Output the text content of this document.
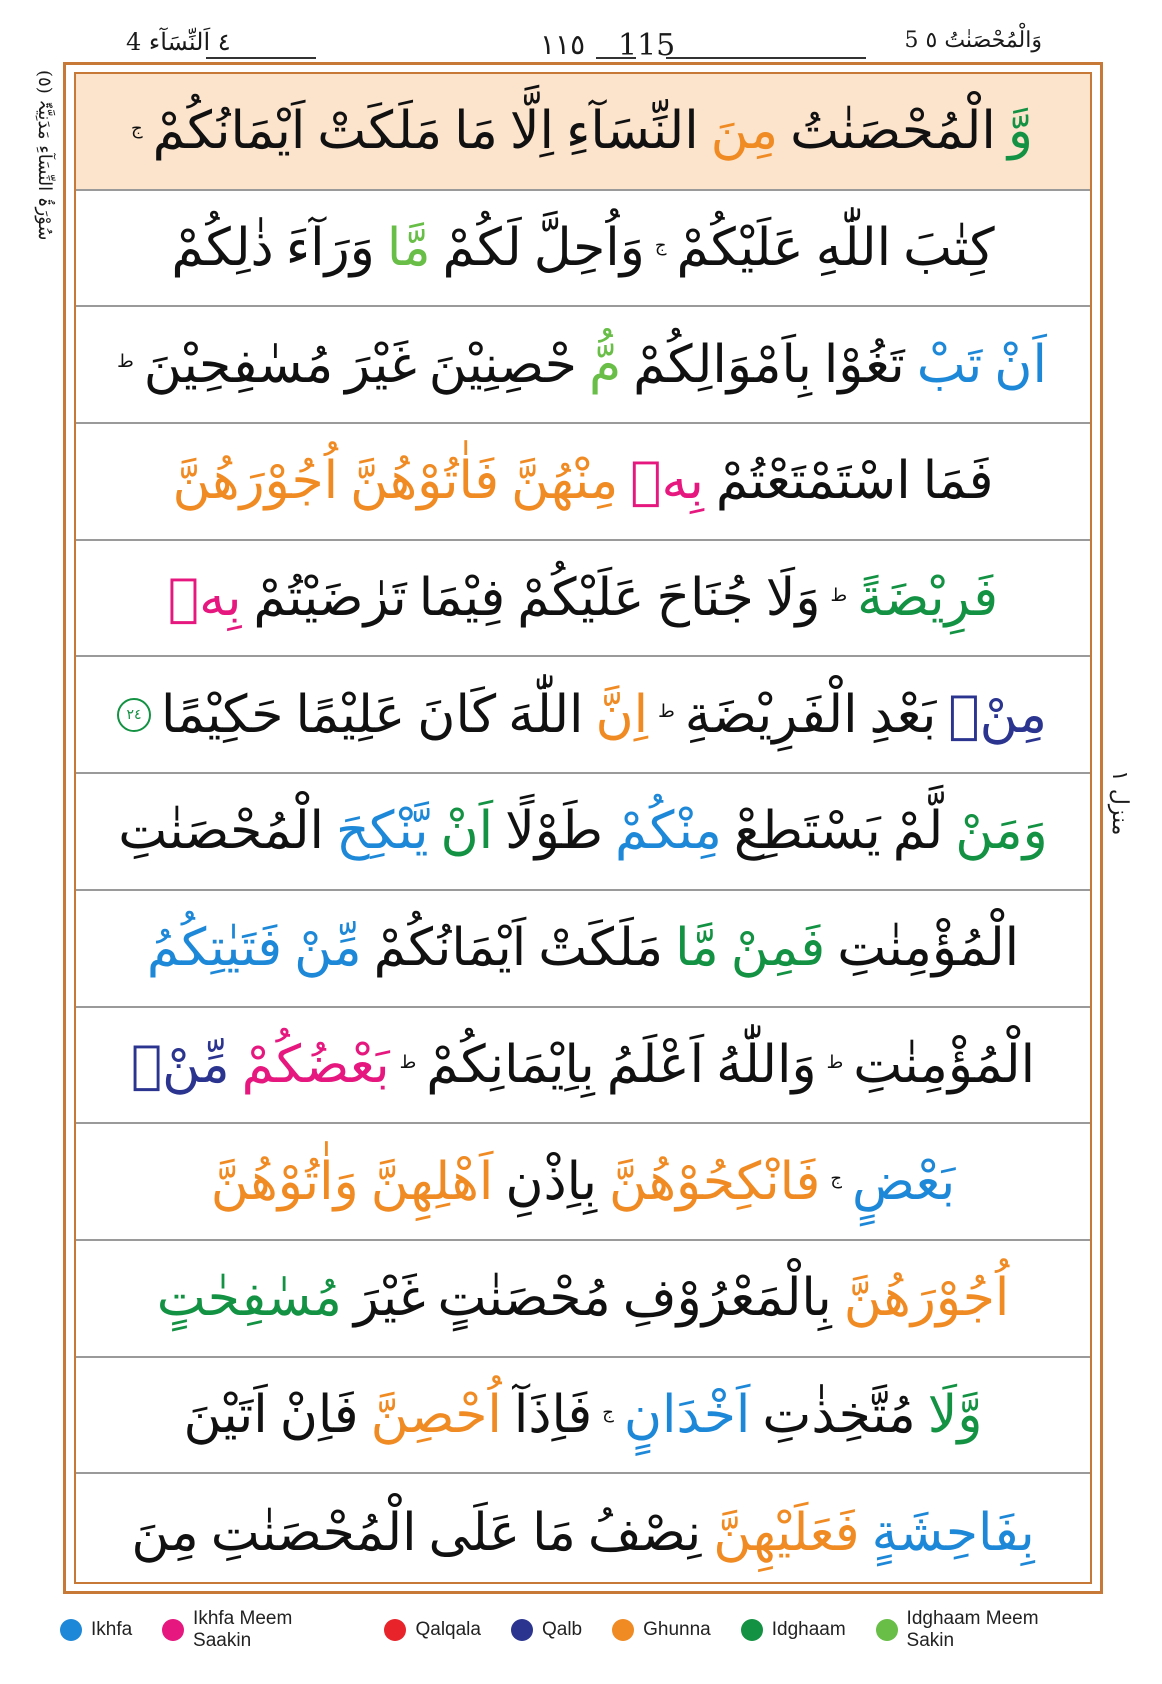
٤ اَلنِّسَآء 4	١١٥ 115	5 وَالْمُحْصَنٰتُ ٥
(٥) سُوْرَۃُ النِّسَآءِ مَدَنِیَّۃٌ
منزل ١
وَّ
الْمُحْصَنٰتُ
مِنَ
النِّسَآءِ
اِلَّا
مَا
مَلَكَتْ
اَيْمَانُكُمْ
ج
كِتٰبَ
اللّٰهِ
عَلَيْكُمْ
ج
وَاُحِلَّ
لَكُمْ
مَّا
وَرَآءَ
ذٰلِكُمْ
اَنْ
تَبْ
تَغُوْا
بِاَمْوَالِكُمْ
مُّ
حْصِنِيْنَ
غَيْرَ
مُسٰفِحِيْنَ
ط
فَمَا
اسْتَمْتَعْتُمْ
بِهٖ
مِنْهُنَّ
فَاٰتُوْهُنَّ
اُجُوْرَهُنَّ
فَرِيْضَةً
ط
وَلَا
جُنَاحَ
عَلَيْكُمْ
فِيْمَا
تَرٰضَيْتُمْ
بِهٖ
مِنْۢ
بَعْدِ
الْفَرِيْضَةِ
ط
اِنَّ
اللّٰهَ
كَانَ
عَلِيْمًا
حَكِيْمًا
٢٤
وَمَنْ
لَّمْ
يَسْتَطِعْ
مِنْكُمْ
طَوْلًا
اَنْ
يَّنْكِحَ
الْمُحْصَنٰتِ
الْمُؤْمِنٰتِ
فَمِنْ
مَّا
مَلَكَتْ
اَيْمَانُكُمْ
مِّنْ
فَتَيٰتِكُمُ
الْمُؤْمِنٰتِ
ط
وَاللّٰهُ
اَعْلَمُ
بِاِيْمَانِكُمْ
ط
بَعْضُكُمْ
مِّنْۢ
بَعْضٍ
ج
فَانْكِحُوْهُنَّ
بِاِذْنِ
اَهْلِهِنَّ
وَاٰتُوْهُنَّ
اُجُوْرَهُنَّ
بِالْمَعْرُوْفِ
مُحْصَنٰتٍ
غَيْرَ
مُسٰفِحٰتٍ
وَّلَا
مُتَّخِذٰتِ
اَخْدَانٍ
ج
فَاِذَآ
اُحْصِنَّ
فَاِنْ
اَتَيْنَ
بِفَاحِشَةٍ
فَعَلَيْهِنَّ
نِصْفُ
مَا
عَلَى
الْمُحْصَنٰتِ
مِنَ
Ikhfa
Ikhfa Meem Saakin
Qalqala	Qalb	Ghunna	Idghaam
Idghaam Meem Sakin
